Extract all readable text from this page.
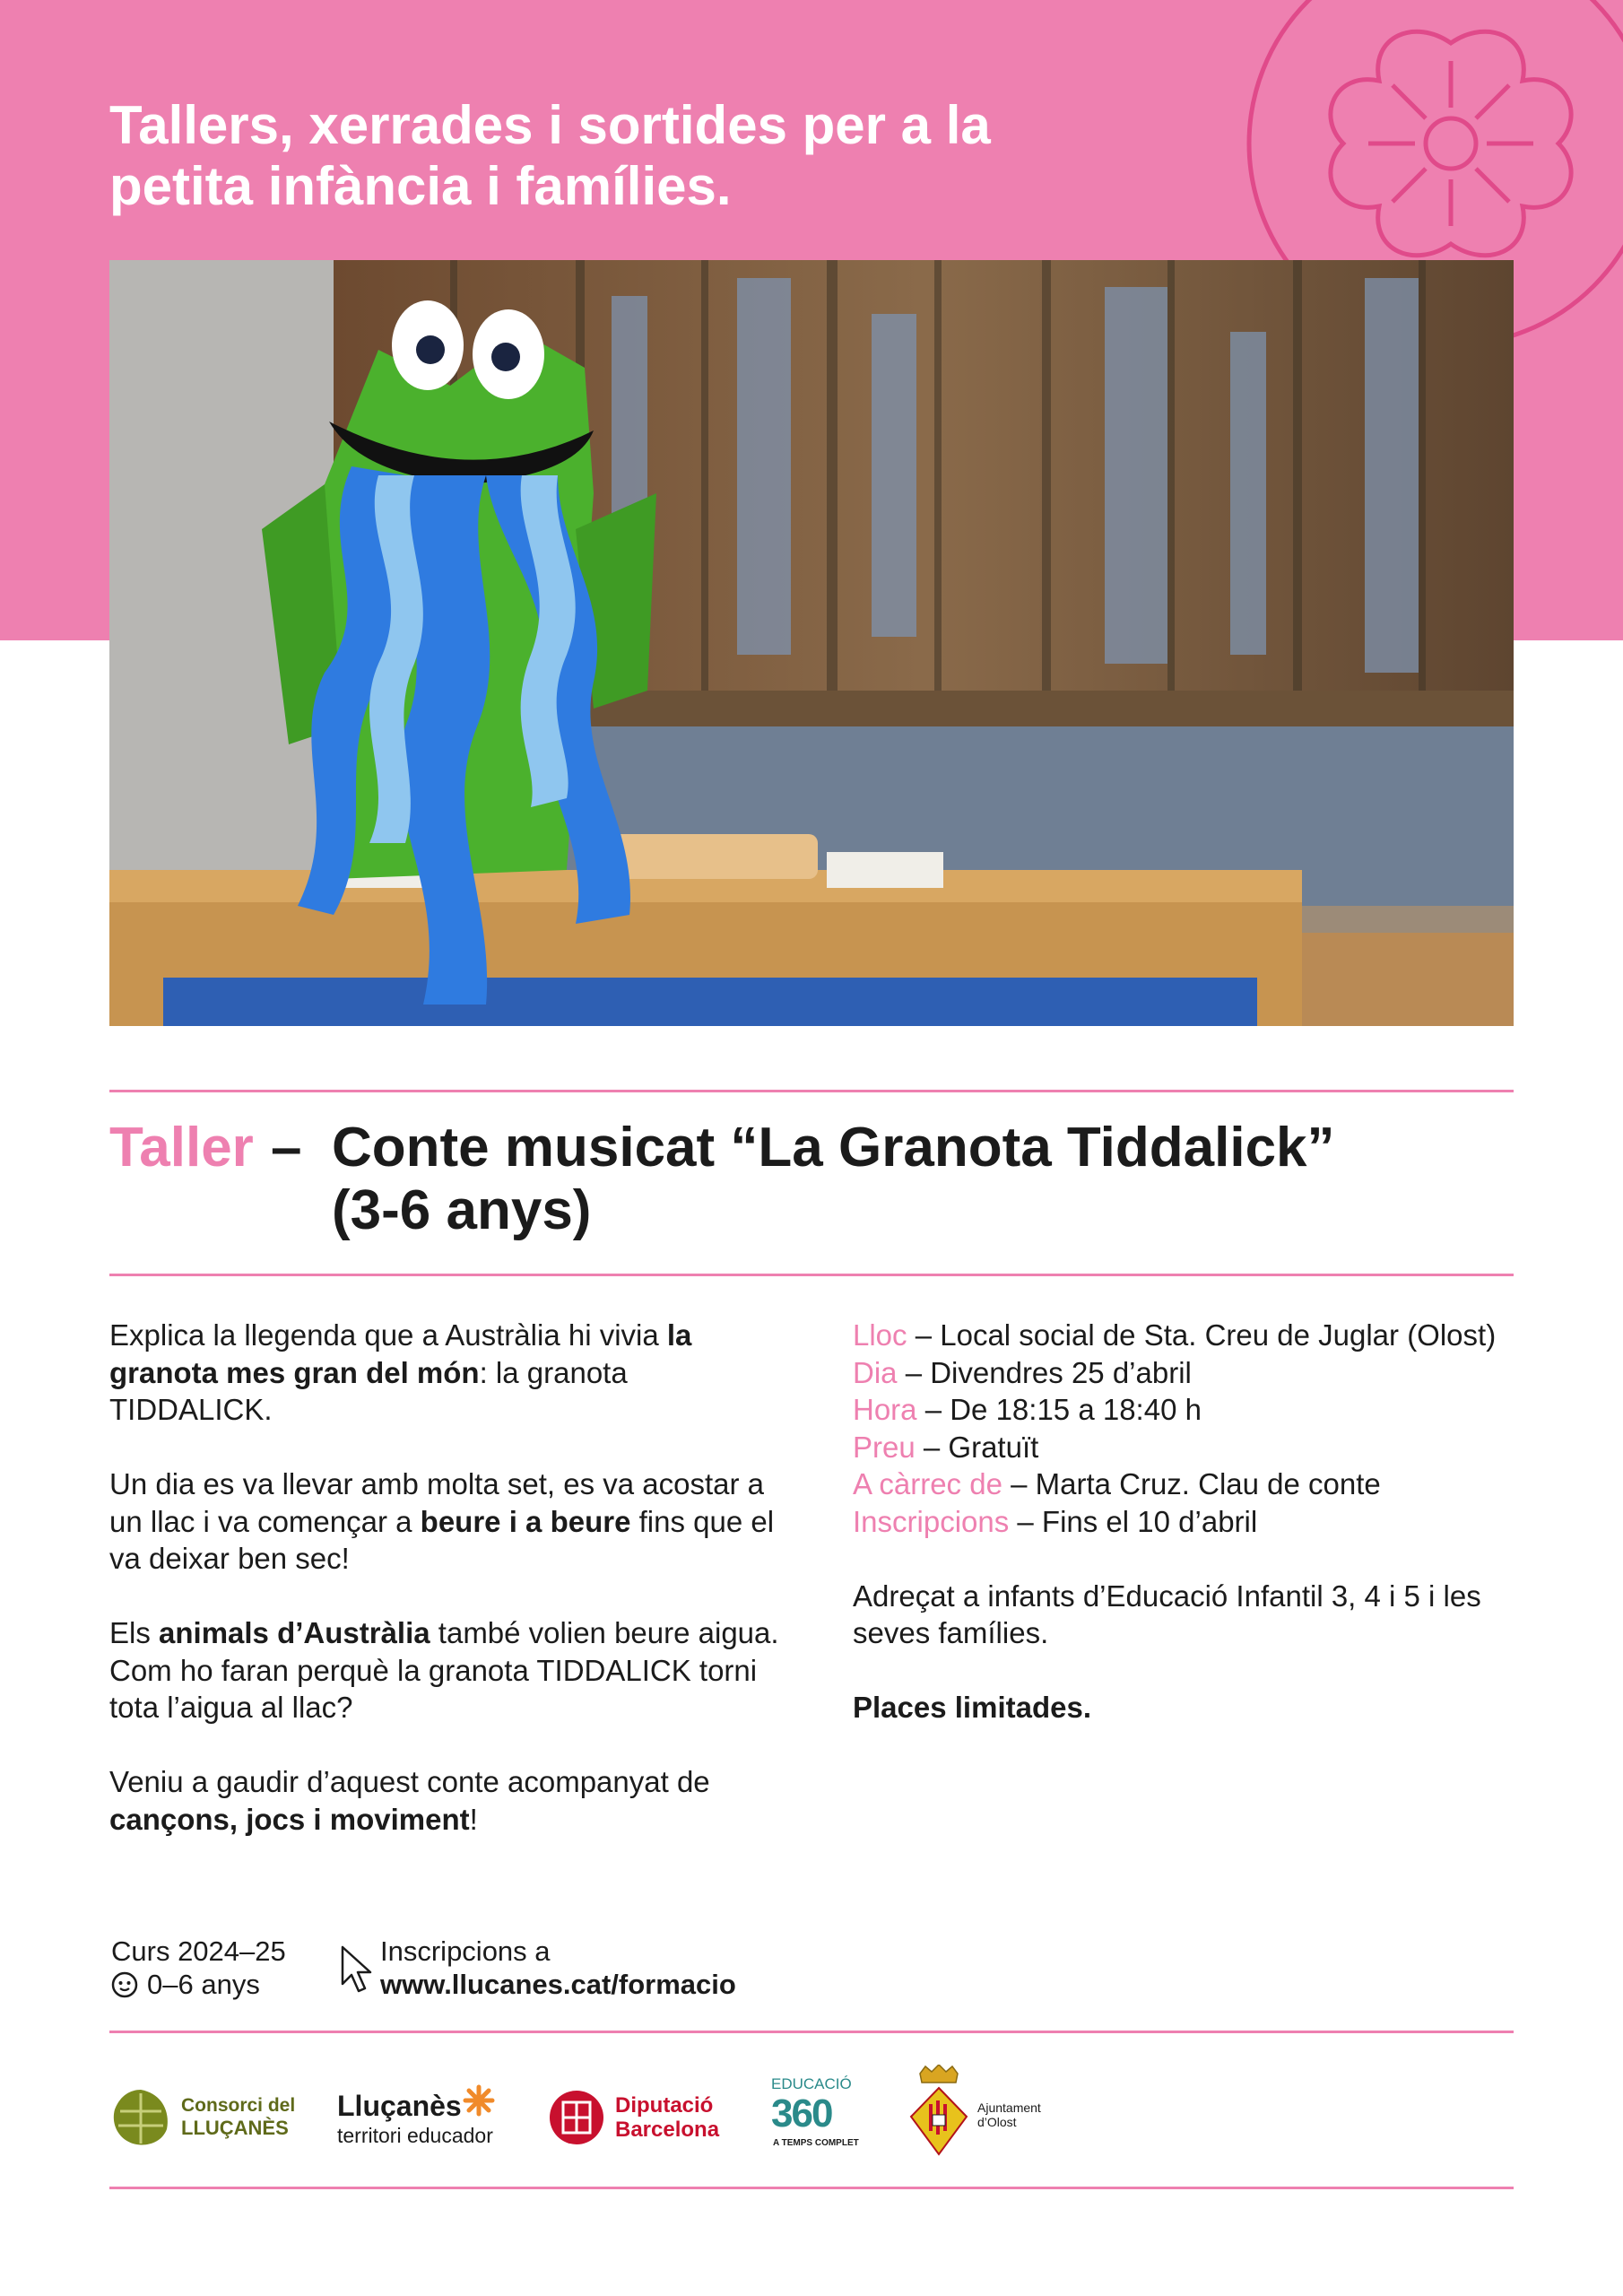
Tallers, xerrades i sortides per a la
petita infància i famílies.
Taller – Conte musicat “La Granota Tiddalick”
(3-6 anys)

Explica la llegenda que a Austràlia hi vivia la granota mes gran del món: la granota TIDDALICK.

Un dia es va llevar amb molta set, es va acostar a un llac i va començar a beure i a beure fins que el va deixar ben sec!

Els animals d’Austràlia també volien beure aigua. Com ho faran perquè la granota TIDDALICK torni tota l’aigua al llac?

Veniu a gaudir d’aquest conte acompanyat de cançons, jocs i moviment!

Lloc – Local social de Sta. Creu de Juglar (Olost)
Dia – Divendres 25 d’abril
Hora – De 18:15 a 18:40 h
Preu – Gratuït
A càrrec de – Marta Cruz. Clau de conte
Inscripcions – Fins el 10 d’abril

Adreçat a infants d’Educació Infantil 3, 4 i 5 i les seves famílies.

Places limitades.

Curs 2024–25
0–6 anys
Inscripcions a
www.llucanes.cat/formacio
Consorci del
LLUÇANÈS
Lluçanès
territori educador
Diputació
Barcelona
EDUCACIÓ
360
A TEMPS COMPLET
Ajuntament
d’Olost
